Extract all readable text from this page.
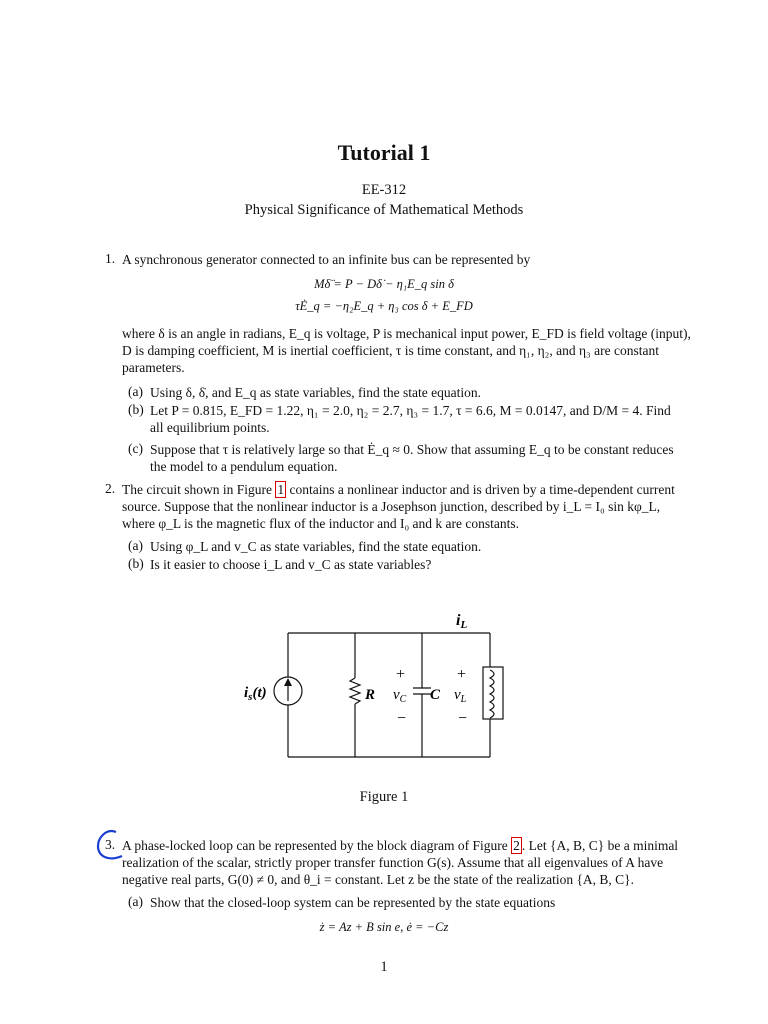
Tutorial 1
EE-312
Physical Significance of Mathematical Methods
1. A synchronous generator connected to an infinite bus can be represented by
Mδ̈ = P − Dδ̇ − η₁E_q sin δ
τĖ_q = −η₂E_q + η₃ cos δ + E_FD
where δ is an angle in radians, E_q is voltage, P is mechanical input power, E_FD is field voltage (input),
D is damping coefficient, M is inertial coefficient, τ is time constant, and η₁, η₂, and η₃ are constant
parameters.
(a) Using δ, δ̇, and E_q as state variables, find the state equation.
(b) Let P = 0.815, E_FD = 1.22, η₁ = 2.0, η₂ = 2.7, η₃ = 1.7, τ = 6.6, M = 0.0147, and D/M = 4. Find
all equilibrium points.
(c) Suppose that τ is relatively large so that Ė_q ≈ 0. Show that assuming E_q to be constant reduces
the model to a pendulum equation.
2. The circuit shown in Figure 1 contains a nonlinear inductor and is driven by a time-dependent current
source. Suppose that the nonlinear inductor is a Josephson junction, described by i_L = I₀ sin kφ_L,
where φ_L is the magnetic flux of the inductor and I₀ and k are constants.
(a) Using φ_L and v_C as state variables, find the state equation.
(b) Is it easier to choose i_L and v_C as state variables?
iL
$i_s(t)$	R $v_C$ C $v_L$
+	+
−	−
Figure 1
3. A phase-locked loop can be represented by the block diagram of Figure 2 . Let {A, B, C} be a minimal
realization of the scalar, strictly proper transfer function G(s). Assume that all eigenvalues of A have
negative real parts, G(0) ≠ 0, and θ_i = constant. Let z be the state of the realization {A, B, C}.
(a) Show that the closed-loop system can be represented by the state equations
ż = Az + B sin e, ė = −Cz
1
